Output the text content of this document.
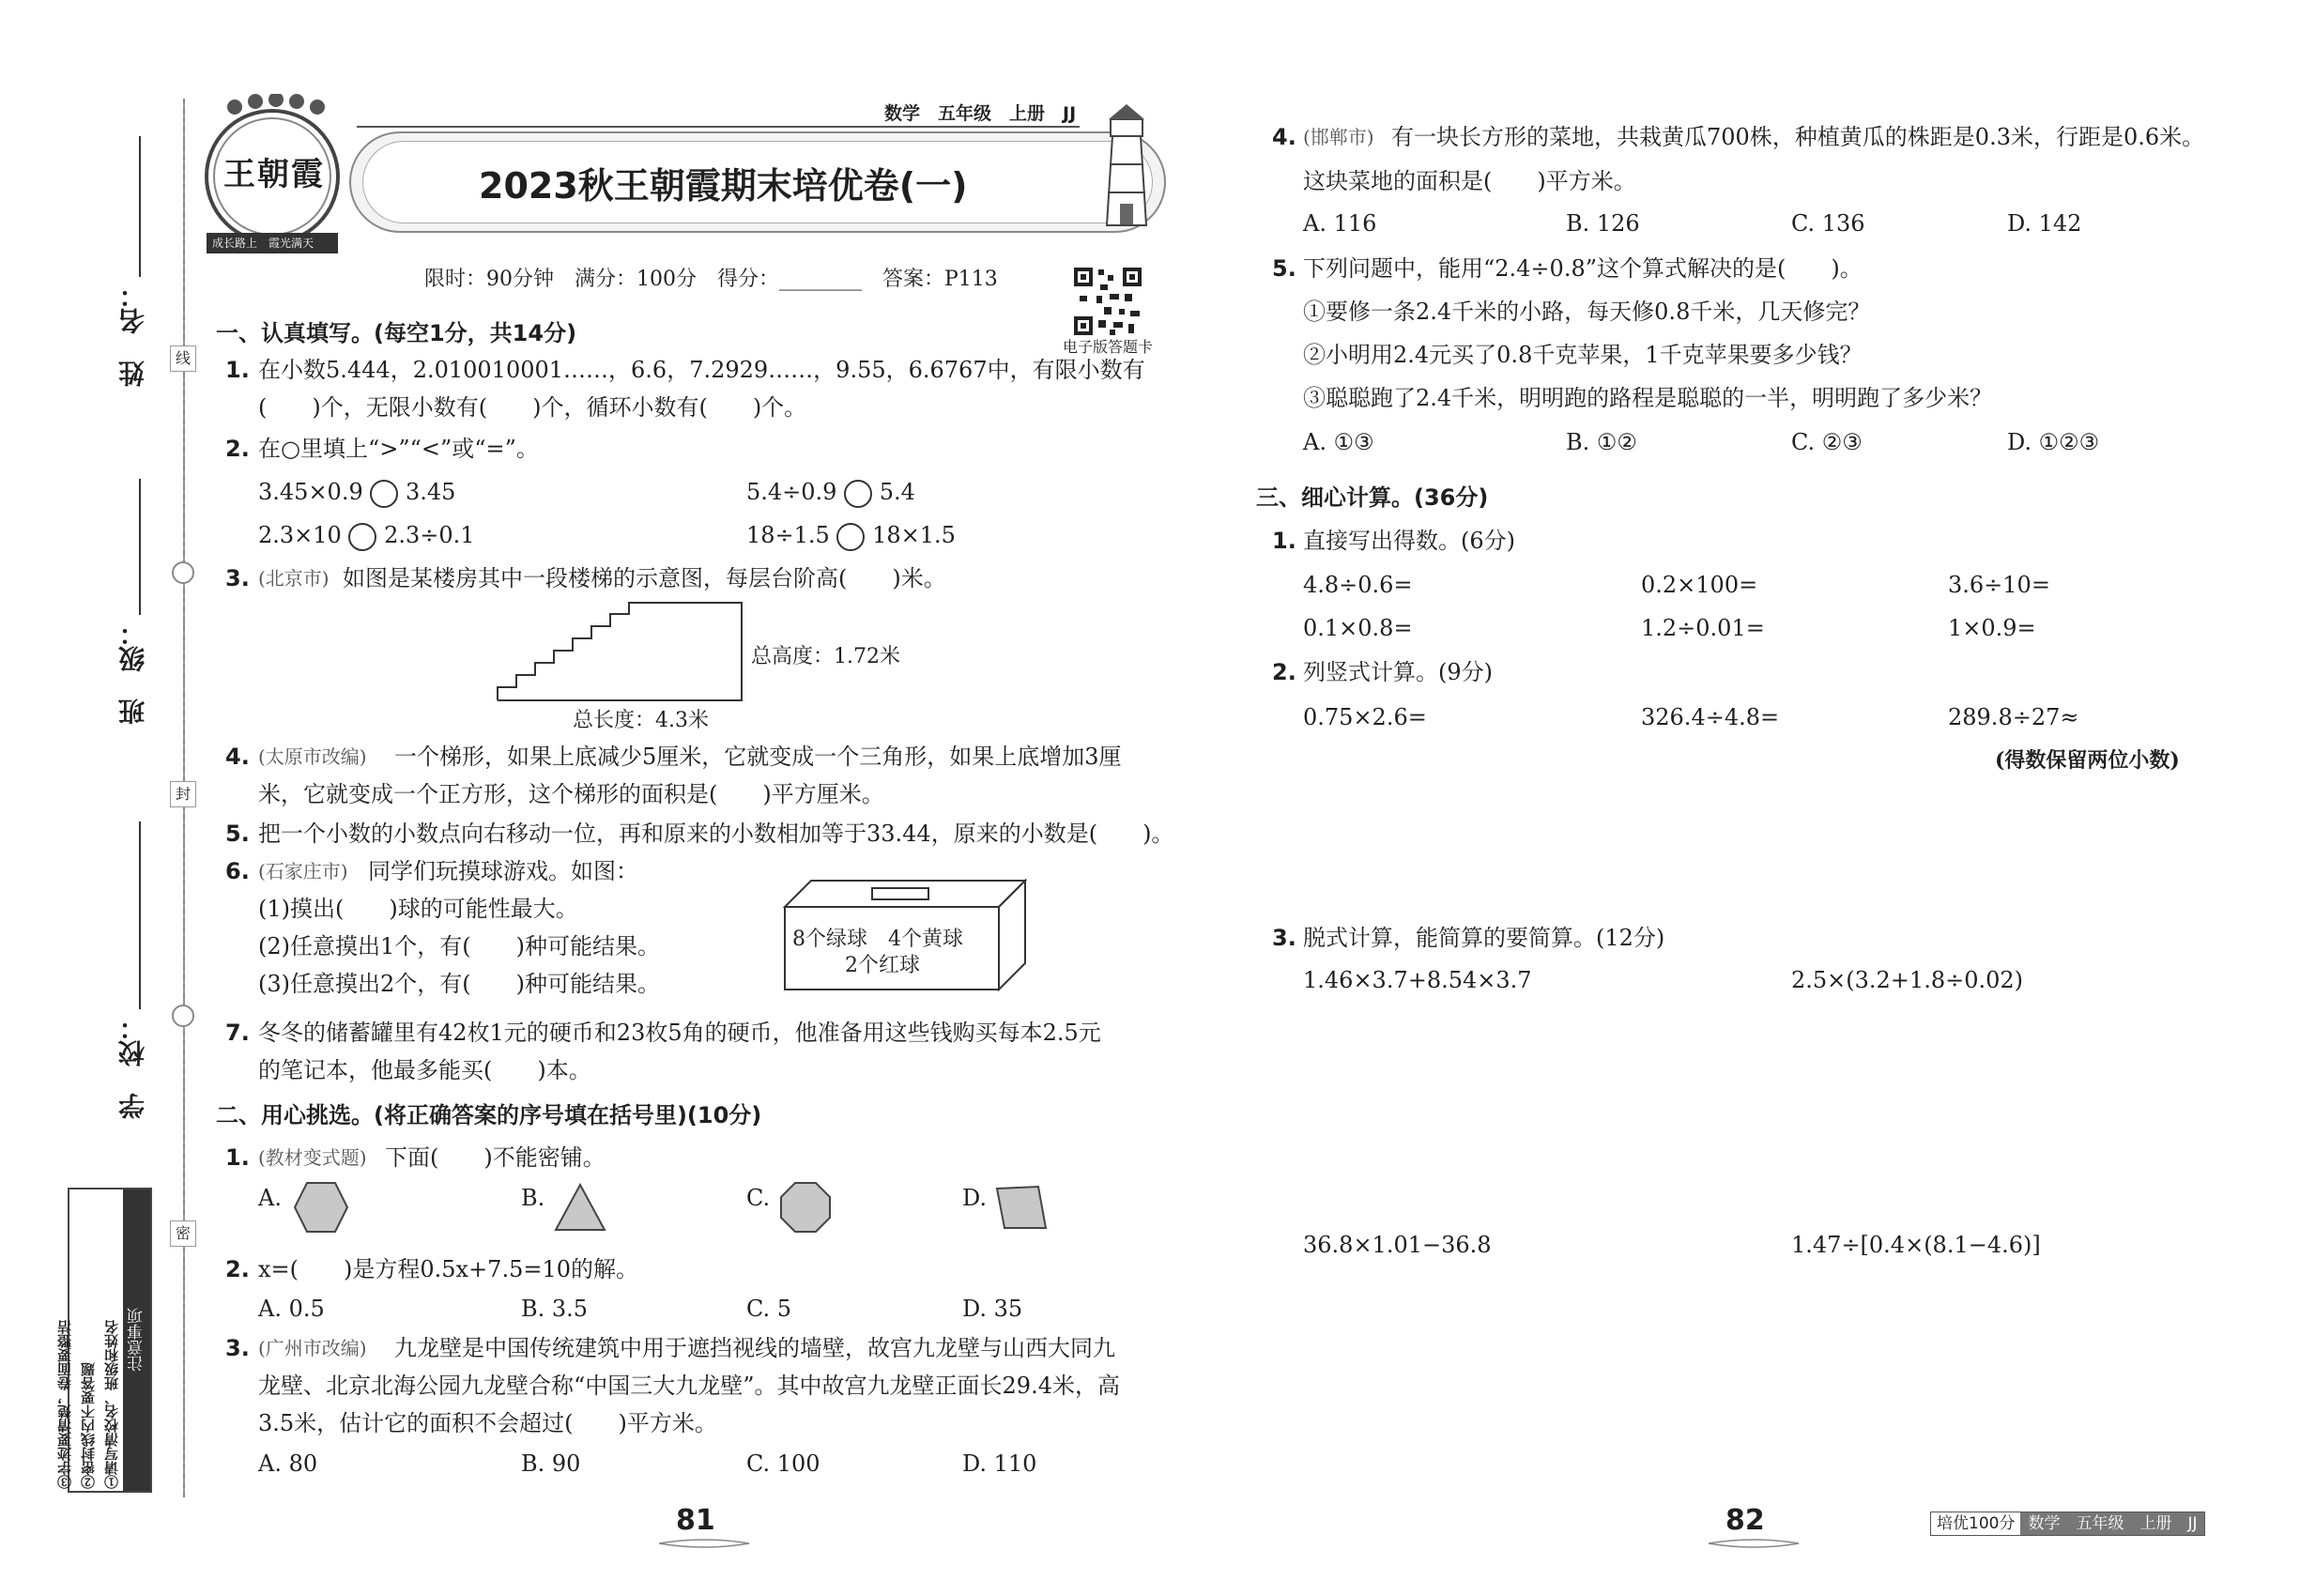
姓　名：
班　级：
学　校：
线
封
密
注意事项
①请写清校名、班级和姓名
②密封线内不要答题
③字迹要清楚，卷面要整洁
数学　五年级　上册　JJ
王朝霞
成长路上　霞光满天
2023秋王朝霞期末培优卷(一)
限时：90分钟　满分：100分　得分：________　答案：P113
电子版答题卡
一、认真填写。(每空1分，共14分)
1. 在小数5.444，2.010010001……，6.6，7.2929……，9.55，6.6767中，有限小数有
(　　)个，无限小数有(　　)个，循环小数有(　　)个。
2. 在○里填上“>”“<”或“=”。
3.45×0.9 3.45	5.4÷0.9 5.4
2.3×10 2.3÷0.1	18÷1.5 18×1.5
3. (北京市) 如图是某楼房其中一段楼梯的示意图，每层台阶高(　　)米。
总高度：1.72米
总长度：4.3米
4. (太原市改编) 一个梯形，如果上底减少5厘米，它就变成一个三角形，如果上底增加3厘
米，它就变成一个正方形，这个梯形的面积是(　　)平方厘米。
5. 把一个小数的小数点向右移动一位，再和原来的小数相加等于33.44，原来的小数是(　　)。
6. (石家庄市) 同学们玩摸球游戏。如图：
(1)摸出(　　)球的可能性最大。
(2)任意摸出1个，有(　　)种可能结果。
(3)任意摸出2个，有(　　)种可能结果。
8个绿球　4个黄球
2个红球
7. 冬冬的储蓄罐里有42枚1元的硬币和23枚5角的硬币，他准备用这些钱购买每本2.5元
的笔记本，他最多能买(　　)本。
二、用心挑选。(将正确答案的序号填在括号里)(10分)
1. (教材变式题) 下面(　　)不能密铺。
A.	B.	C.	D.
2. x=(　　)是方程0.5x+7.5=10的解。
A. 0.5	B. 3.5	C. 5	D. 35
3. (广州市改编) 九龙壁是中国传统建筑中用于遮挡视线的墙壁，故宫九龙壁与山西大同九
龙壁、北京北海公园九龙壁合称“中国三大九龙壁”。其中故宫九龙壁正面长29.4米，高
3.5米，估计它的面积不会超过(　　)平方米。
A. 80	B. 90	C. 100	D. 110
81
4. (邯郸市) 有一块长方形的菜地，共栽黄瓜700株，种植黄瓜的株距是0.3米，行距是0.6米。
这块菜地的面积是(　　)平方米。
A. 116	B. 126	C. 136	D. 142
5. 下列问题中，能用“2.4÷0.8”这个算式解决的是(　　)。
①要修一条2.4千米的小路，每天修0.8千米，几天修完？
②小明用2.4元买了0.8千克苹果，1千克苹果要多少钱？
③聪聪跑了2.4千米，明明跑的路程是聪聪的一半，明明跑了多少米？
A. ①③	B. ①②	C. ②③	D. ①②③
三、细心计算。(36分)
1. 直接写出得数。(6分)
4.8÷0.6=	0.2×100=	3.6÷10=
0.1×0.8=	1.2÷0.01=	1×0.9=
2. 列竖式计算。(9分)
0.75×2.6=	326.4÷4.8=	289.8÷27≈
(得数保留两位小数)
3. 脱式计算，能简算的要简算。(12分)
1.46×3.7+8.54×3.7	2.5×(3.2+1.8÷0.02)
36.8×1.01−36.8	1.47÷[0.4×(8.1−4.6)]
82	培优100分 数学　五年级　上册　JJ
